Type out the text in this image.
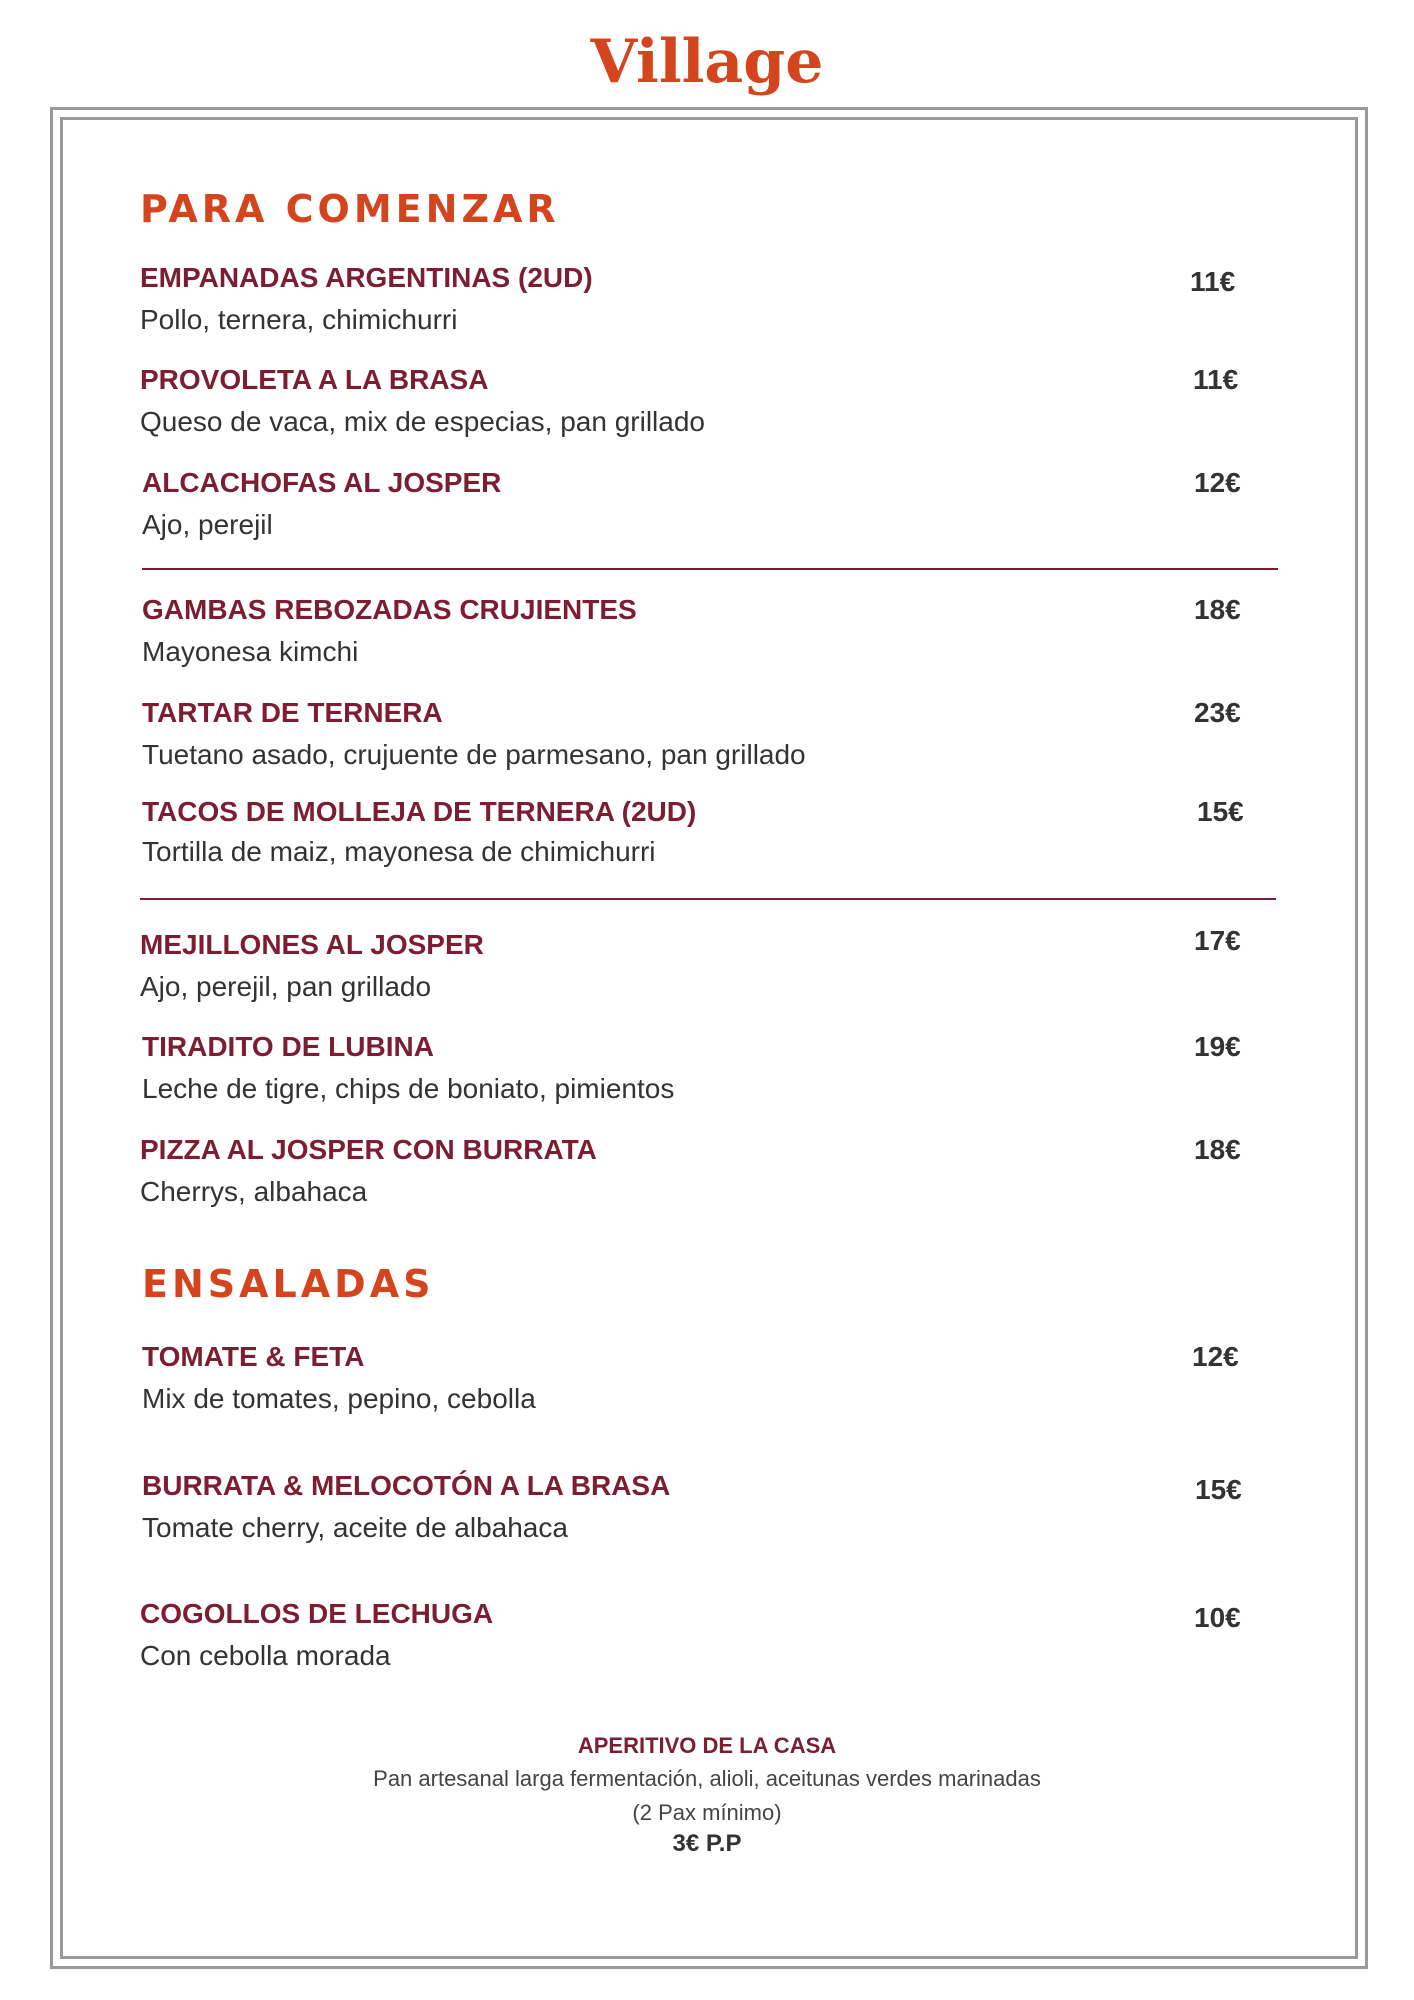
Village
PARA COMENZAR
EMPANADAS ARGENTINAS (2UD)
Pollo, ternera, chimichurri
11€
PROVOLETA A LA BRASA
Queso de vaca, mix de especias, pan grillado
11€
ALCACHOFAS AL JOSPER
Ajo, perejil
12€
GAMBAS REBOZADAS CRUJIENTES
Mayonesa kimchi
18€
TARTAR DE TERNERA
Tuetano asado, crujuente de parmesano, pan grillado
23€
TACOS DE MOLLEJA DE TERNERA (2UD)
Tortilla de maiz, mayonesa de chimichurri
15€
MEJILLONES AL JOSPER
Ajo, perejil, pan grillado
17€
TIRADITO DE LUBINA
Leche de tigre, chips de boniato, pimientos
19€
PIZZA AL JOSPER CON BURRATA
Cherrys, albahaca
18€
ENSALADAS
TOMATE & FETA
Mix de tomates, pepino, cebolla
12€
BURRATA & MELOCOTÓN A LA BRASA
Tomate cherry, aceite de albahaca
15€
COGOLLOS DE LECHUGA
Con cebolla morada
10€
APERITIVO DE LA CASA
Pan artesanal larga fermentación, alioli, aceitunas verdes marinadas
(2 Pax mínimo)
3€ P.P
